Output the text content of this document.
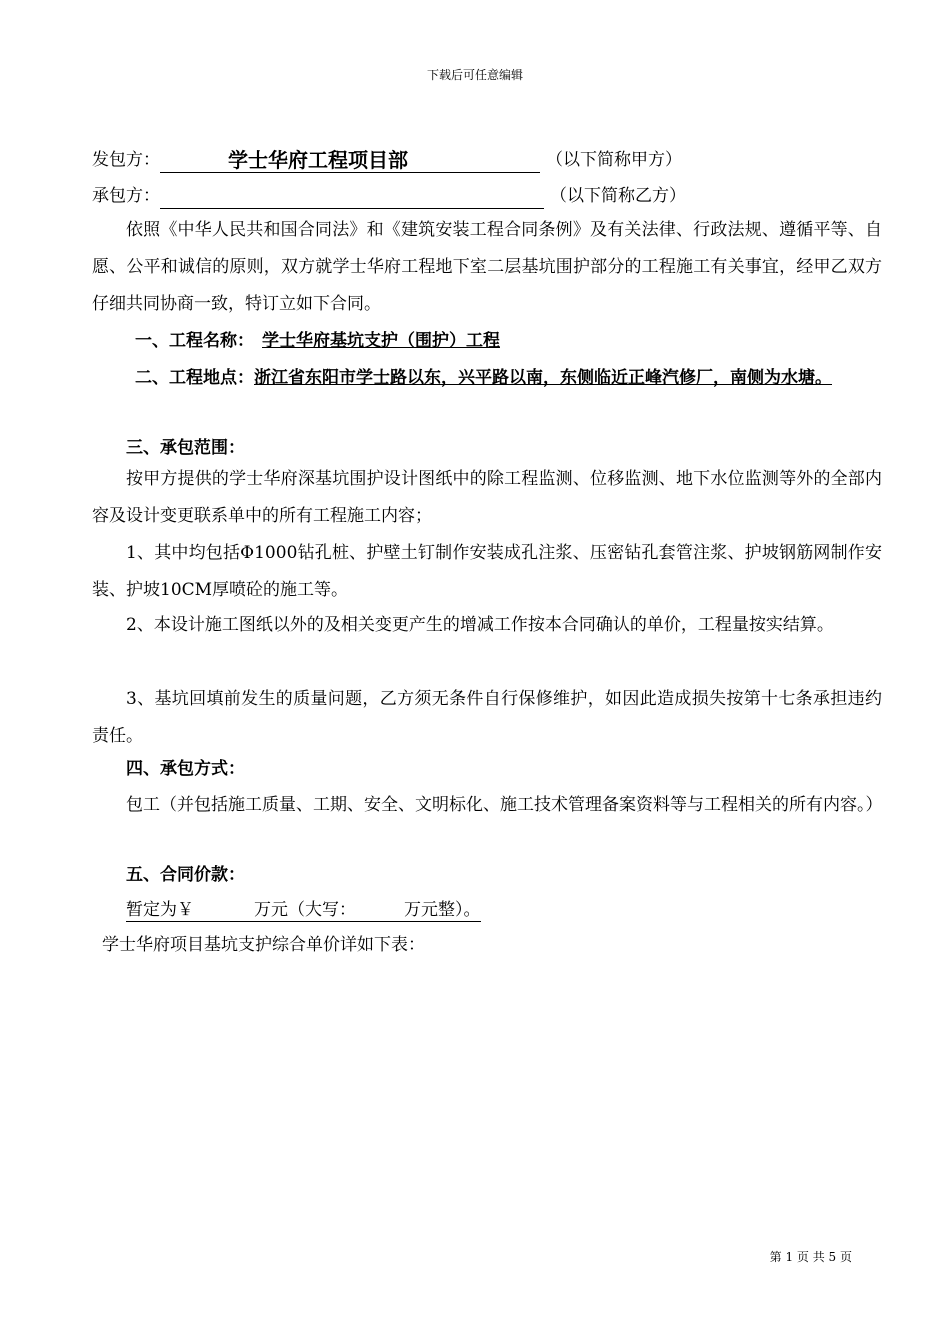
下载后可任意编辑
发包方：	学士华府工程项目部	（以下简称甲方）
承包方：	（以下简称乙方）
依照《中华人民共和国合同法》和《建筑安装工程合同条例》及有关法律、行政法规、遵循平等、自愿、公平和诚信的原则，双方就学士华府工程地下室二层基坑围护部分的工程施工有关事宜，经甲乙双方仔细共同协商一致，特订立如下合同。
一、工程名称： 学士华府基坑支护（围护）工程
二、工程地点：浙江省东阳市学士路以东，兴平路以南，东侧临近正峰汽修厂，南侧为水塘。
三、承包范围：
按甲方提供的学士华府深基坑围护设计图纸中的除工程监测、位移监测、地下水位监测等外的全部内容及设计变更联系单中的所有工程施工内容；
1、其中均包括Φ1000钻孔桩、护壁土钉制作安装成孔注浆、压密钻孔套管注浆、护坡钢筋网制作安装、护坡10CM厚喷砼的施工等。
2、本设计施工图纸以外的及相关变更产生的增减工作按本合同确认的单价，工程量按实结算。
3、基坑回填前发生的质量问题，乙方须无条件自行保修维护，如因此造成损失按第十七条承担违约责任。
四、承包方式：
包工（并包括施工质量、工期、安全、文明标化、施工技术管理备案资料等与工程相关的所有内容。）
五、合同价款：
暂定为￥	万元（大写：	万元整）。
学士华府项目基坑支护综合单价详如下表：
第 1 页 共 5 页
